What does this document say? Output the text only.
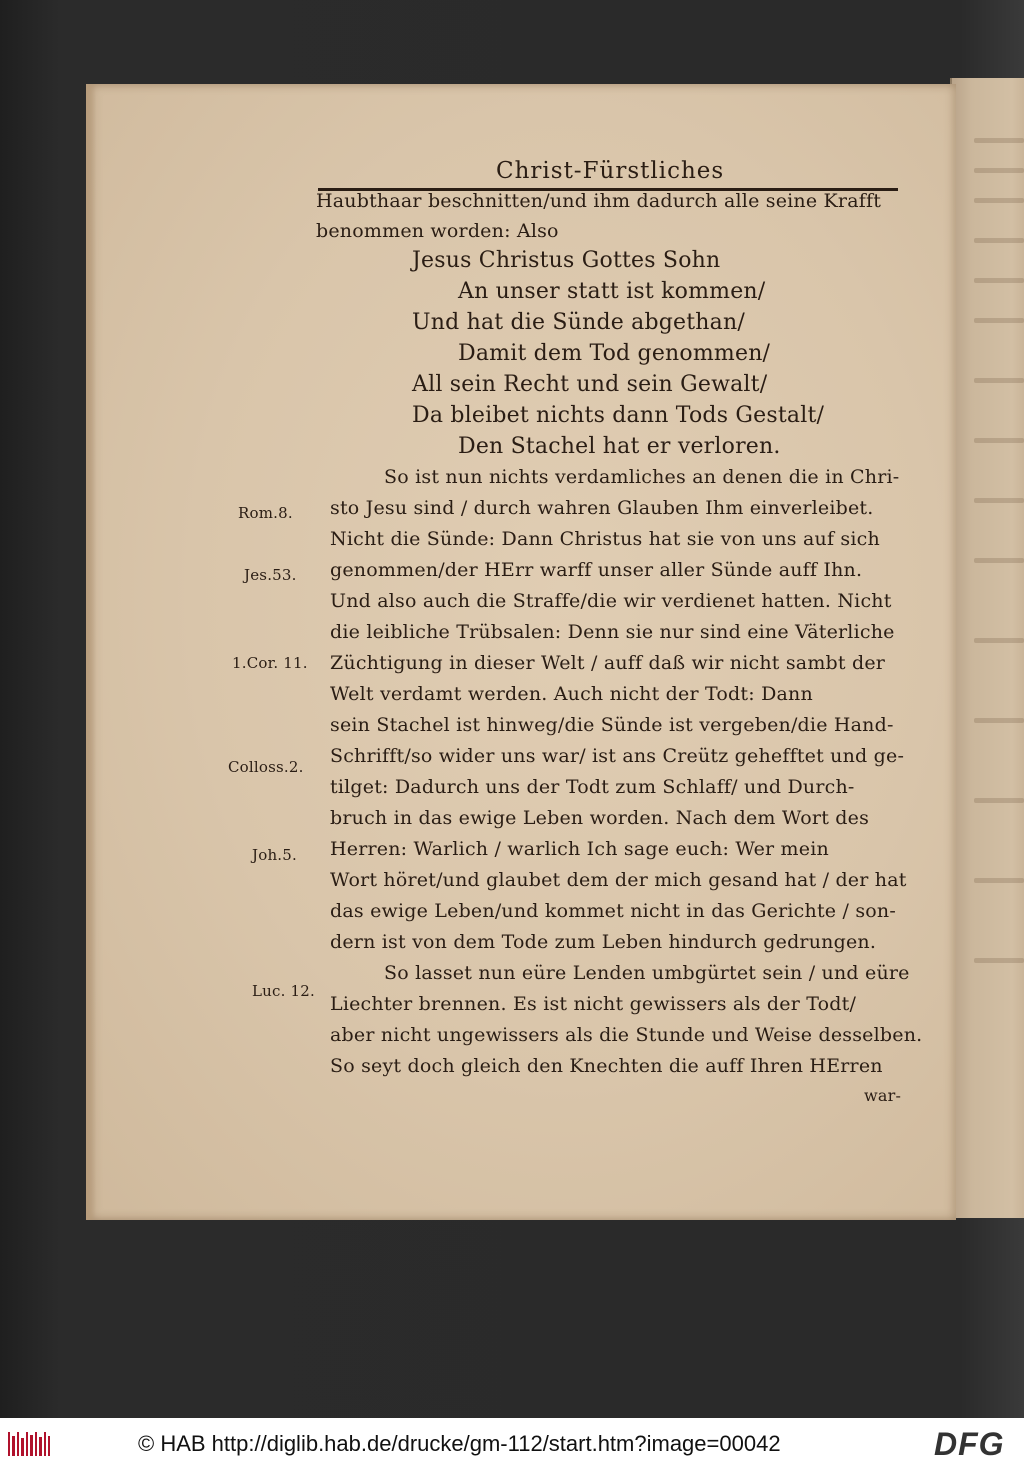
Christ-Fürstliches
Haubthaar beschnitten/und ihm dadurch alle seine Krafft
benommen worden: Also
Jesus Christus Gottes Sohn
An unser statt ist kommen/
Und hat die Sünde abgethan/
Damit dem Tod genommen/
All sein Recht und sein Gewalt/
Da bleibet nichts dann Tods Gestalt/
Den Stachel hat er verloren.
So ist nun nichts verdamliches an denen die in Chri-
sto Jesu sind / durch wahren Glauben Ihm einverleibet.
Nicht die Sünde: Dann Christus hat sie von uns auf sich
genommen/der HErr warff unser aller Sünde auff Ihn.
Und also auch die Straffe/die wir verdienet hatten. Nicht
die leibliche Trübsalen: Denn sie nur sind eine Väterliche
Züchtigung in dieser Welt / auff daß wir nicht sambt der
Welt verdamt werden. Auch nicht der Todt: Dann
sein Stachel ist hinweg/die Sünde ist vergeben/die Hand-
Schrifft/so wider uns war/ ist ans Creütz gehefftet und ge-
tilget: Dadurch uns der Todt zum Schlaff/ und Durch-
bruch in das ewige Leben worden. Nach dem Wort des
Herren: Warlich / warlich Ich sage euch: Wer mein
Wort höret/und glaubet dem der mich gesand hat / der hat
das ewige Leben/und kommet nicht in das Gerichte / son-
dern ist von dem Tode zum Leben hindurch gedrungen.
So lasset nun eüre Lenden umbgürtet sein / und eüre
Liechter brennen. Es ist nicht gewissers als der Todt/
aber nicht ungewissers als die Stunde und Weise desselben.
So seyt doch gleich den Knechten die auff Ihren HErren
war-
Rom.8.
Jes.53.
1.Cor. 11.
Colloss.2.
Joh.5.
Luc. 12.
© HAB http://diglib.hab.de/drucke/gm-112/start.htm?image=00042	DFG
